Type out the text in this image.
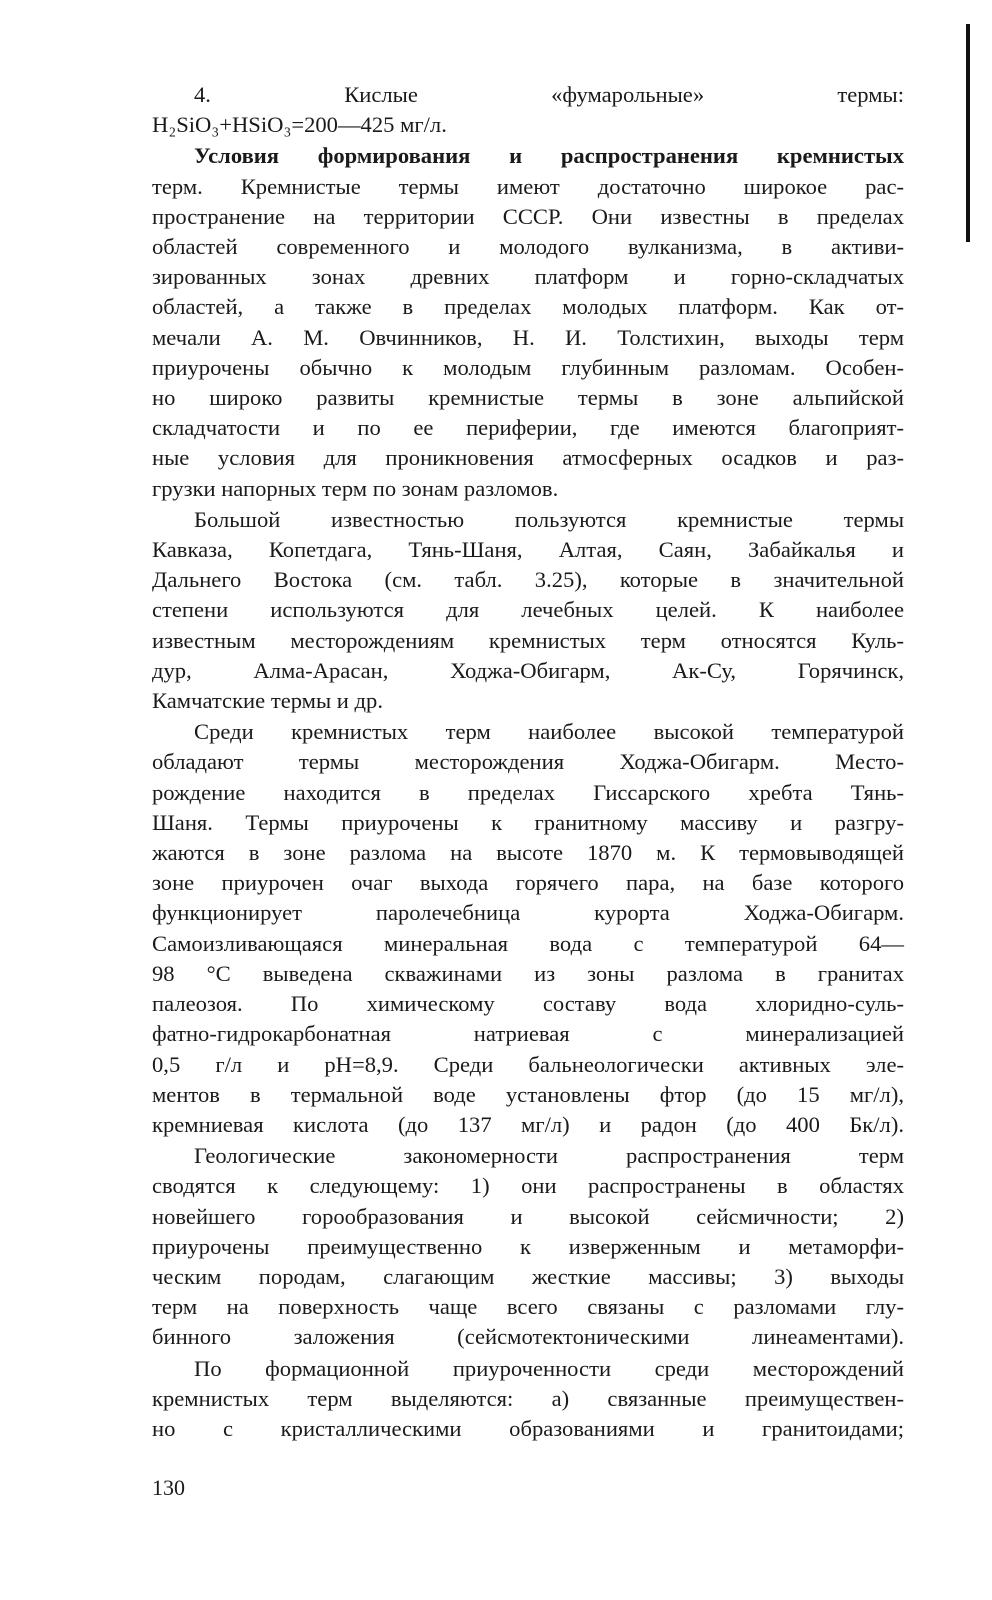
4. Кислые «фумарольные» термы:
H₂SiO₃+HSiO₃=200—425 мг/л.
Условия формирования и распространения кремнистых
терм. Кремнистые термы имеют достаточно широкое рас-
пространение на территории СССР. Они известны в пределах
областей современного и молодого вулканизма, в активи-
зированных зонах древних платформ и горно-складчатых
областей, а также в пределах молодых платформ. Как от-
мечали А. М. Овчинников, Н. И. Толстихин, выходы терм
приурочены обычно к молодым глубинным разломам. Особен-
но широко развиты кремнистые термы в зоне альпийской
складчатости и по ее периферии, где имеются благоприят-
ные условия для проникновения атмосферных осадков и раз-
грузки напорных терм по зонам разломов.
Большой известностью пользуются кремнистые термы
Кавказа, Копетдага, Тянь-Шаня, Алтая, Саян, Забайкалья и
Дальнего Востока (см. табл. 3.25), которые в значительной
степени используются для лечебных целей. К наиболее
известным месторождениям кремнистых терм относятся Куль-
дур, Алма-Арасан, Ходжа-Обигарм, Ак-Су, Горячинск,
Камчатские термы и др.
Среди кремнистых терм наиболее высокой температурой
обладают термы месторождения Ходжа-Обигарм. Место-
рождение находится в пределах Гиссарского хребта Тянь-
Шаня. Термы приурочены к гранитному массиву и разгру-
жаются в зоне разлома на высоте 1870 м. К термовыводящей
зоне приурочен очаг выхода горячего пара, на базе которого
функционирует паролечебница курорта Ходжа-Обигарм.
Самоизливающаяся минеральная вода с температурой 64—
98 °С выведена скважинами из зоны разлома в гранитах
палеозоя. По химическому составу вода хлоридно-суль-
фатно-гидрокарбонатная натриевая с минерализацией
0,5 г/л и pH=8,9. Среди бальнеологически активных эле-
ментов в термальной воде установлены фтор (до 15 мг/л),
кремниевая кислота (до 137 мг/л) и радон (до 400 Бк/л).
Геологические закономерности распространения терм
сводятся к следующему: 1) они распространены в областях
новейшего горообразования и высокой сейсмичности; 2)
приурочены преимущественно к изверженным и метаморфи-
ческим породам, слагающим жесткие массивы; 3) выходы
терм на поверхность чаще всего связаны с разломами глу-
бинного заложения (сейсмотектоническими линеаментами).
По формационной приуроченности среди месторождений
кремнистых терм выделяются: а) связанные преимуществен-
но с кристаллическими образованиями и гранитоидами;
130
